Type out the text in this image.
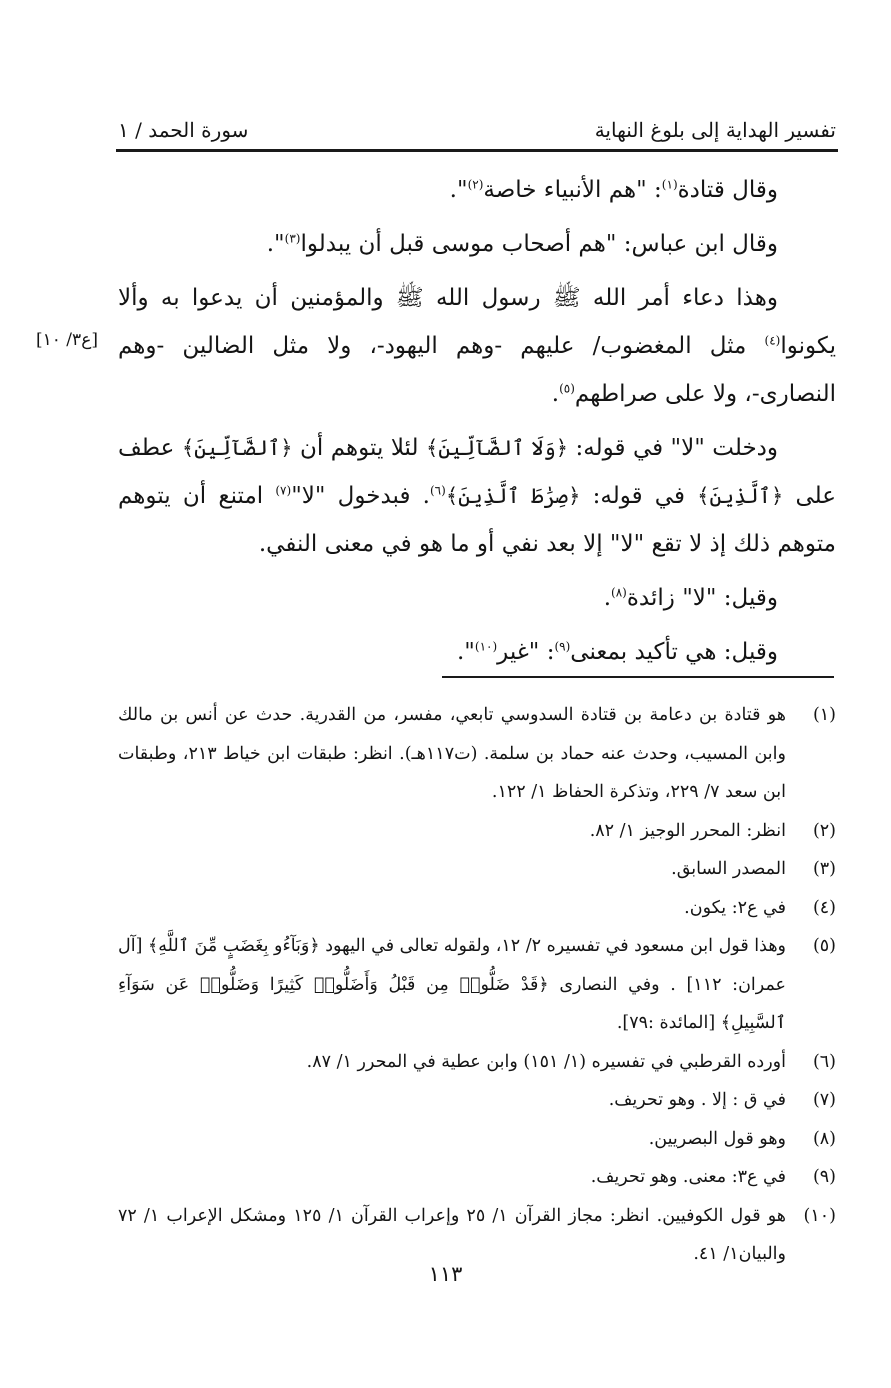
تفسير الهداية إلى بلوغ النهاية
سورة الحمد / ١
[ع٣/ ١٠]

وقال قتادة$^{(١)}$: "هم الأنبياء خاصة$^{(٢)}$".

وقال ابن عباس: "هم أصحاب موسى قبل أن يبدلوا$^{(٣)}$".

وهذا دعاء أمر الله ﷺ رسول الله ﷺ والمؤمنين أن يدعوا به وألا يكونوا$^{(٤)}$ مثل المغضوب/ عليهم -وهم اليهود-، ولا مثل الضالين -وهم النصارى-، ولا على صراطهم$^{(٥)}$.

ودخلت "لا" في قوله: ﴿وَلَا ٱلضَّآلِّينَ﴾ لئلا يتوهم أن ﴿ٱلضَّآلِّينَ﴾ عطف على ﴿ٱلَّذِينَ﴾ في قوله: ﴿صِرَٰطَ ٱلَّذِينَ﴾$^{(٦)}$. فبدخول "لا"$^{(٧)}$ امتنع أن يتوهم متوهم ذلك إذ لا تقع "لا" إلا بعد نفي أو ما هو في معنى النفي.

وقيل: "لا" زائدة$^{(٨)}$.

وقيل: هي تأكيد بمعنى$^{(٩)}$: "غير$^{(١٠)}$".

(١)
هو قتادة بن دعامة بن قتادة السدوسي تابعي، مفسر، من القدرية. حدث عن أنس بن مالك وابن المسيب، وحدث عنه حماد بن سلمة. (ت١١٧هـ). انظر: طبقات ابن خياط ٢١٣، وطبقات ابن سعد ٧/ ٢٢٩، وتذكرة الحفاظ ١/ ١٢٢.
(٢)
انظر: المحرر الوجيز ١/ ٨٢.
(٣)
المصدر السابق.
(٤)
في ع٢: يكون.
(٥)
وهذا قول ابن مسعود في تفسيره ٢/ ١٢، ولقوله تعالى في اليهود ﴿وَبَآءُو بِغَضَبٍ مِّنَ ٱللَّهِ﴾ [آل عمران: ١١٢] . وفي النصارى ﴿قَدْ ضَلُّوا۟ مِن قَبْلُ وَأَضَلُّوا۟ كَثِيرًا وَضَلُّوا۟ عَن سَوَآءِ ٱلسَّبِيلِ﴾ [المائدة :٧٩].
(٦)
أورده القرطبي في تفسيره (١/ ١٥١) وابن عطية في المحرر ١/ ٨٧.
(٧)
في ق : إلا . وهو تحريف.
(٨)
وهو قول البصريين.
(٩)
في ع٣: معنى. وهو تحريف.
(١٠)
هو قول الكوفيين. انظر: مجاز القرآن ١/ ٢٥ وإعراب القرآن ١/ ١٢٥ ومشكل الإعراب ١/ ٧٢ والبيان١/ ٤١.
١١٣
